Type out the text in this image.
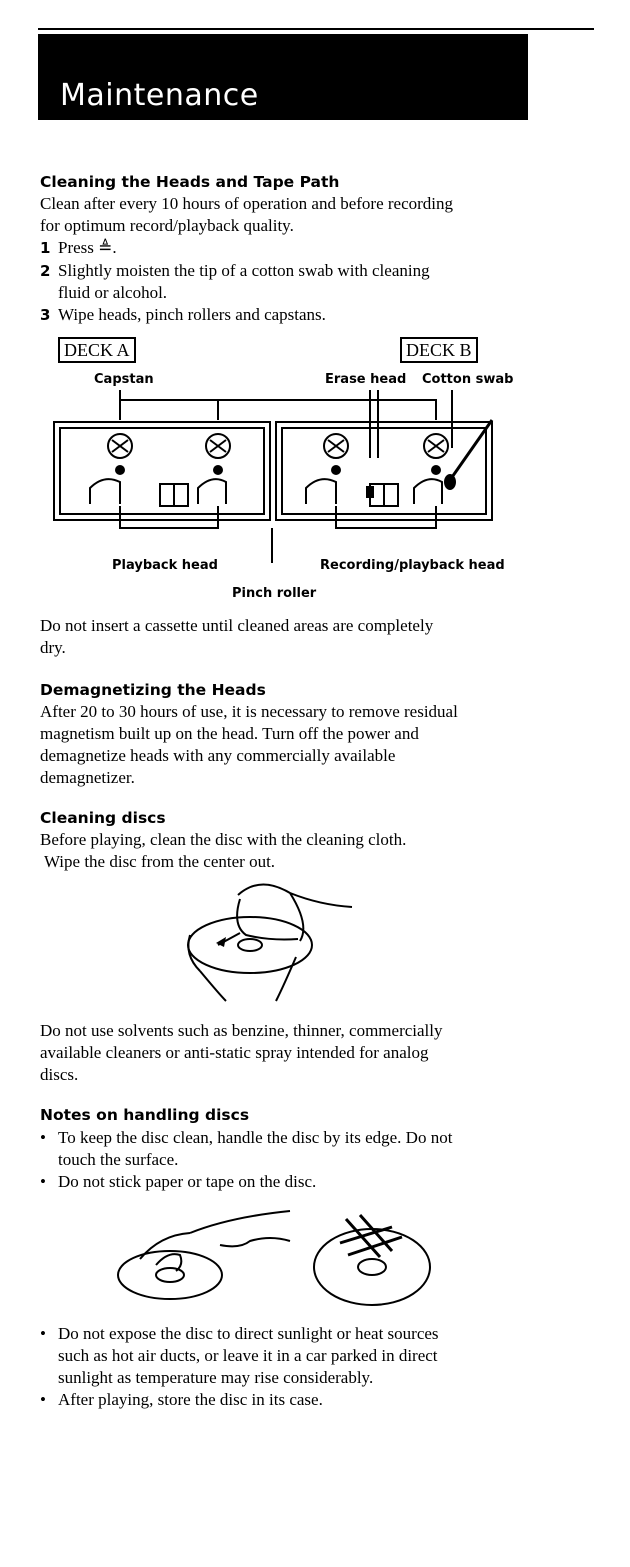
Maintenance
Cleaning the Heads and Tape Path
Clean after every 10 hours of operation and before recording
for optimum record/playback quality.
1 Press ≜.
2 Slightly moisten the tip of a cotton swab with cleaning
fluid or alcohol.
3 Wipe heads, pinch rollers and capstans.
DECK A	DECK B
Capstan	Erase head Cotton swab
Playback head	Recording/playback head
Pinch roller
Do not insert a cassette until cleaned areas are completely
dry.
Demagnetizing the Heads
After 20 to 30 hours of use, it is necessary to remove residual
magnetism built up on the head. Turn off the power and
demagnetize heads with any commercially available
demagnetizer.
Cleaning discs
Before playing, clean the disc with the cleaning cloth.
Wipe the disc from the center out.
Do not use solvents such as benzine, thinner, commercially
available cleaners or anti-static spray intended for analog
discs.
Notes on handling discs
• To keep the disc clean, handle the disc by its edge. Do not
touch the surface.
• Do not stick paper or tape on the disc.
• Do not expose the disc to direct sunlight or heat sources
such as hot air ducts, or leave it in a car parked in direct
sunlight as temperature may rise considerably.
• After playing, store the disc in its case.
